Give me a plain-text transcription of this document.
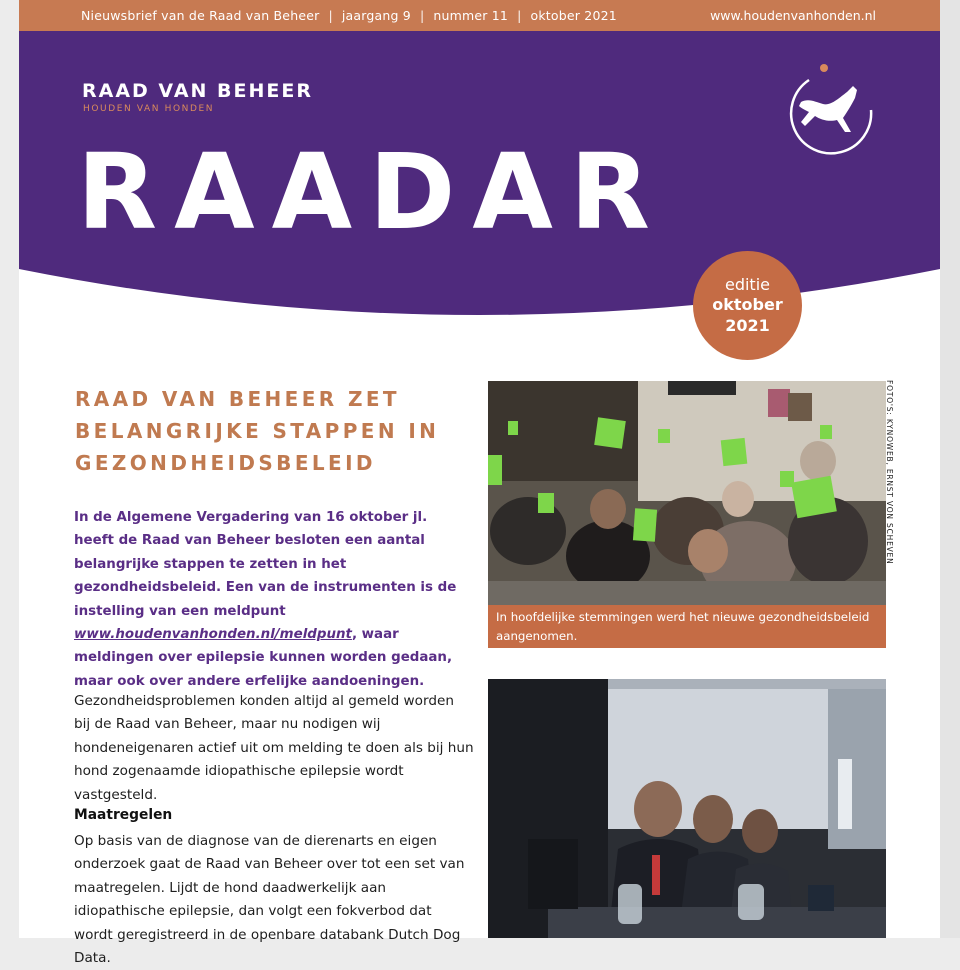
Nieuwsbrief van de Raad van Beheer | jaargang 9 | nummer 11 | oktober 2021	www.houdenvanhonden.nl
RAAD VAN BEHEER
HOUDEN VAN HONDEN
RAADAR
editie
oktober
2021
RAAD VAN BEHEER ZET
BELANGRIJKE STAPPEN IN
GEZONDHEIDSBELEID
In de Algemene Vergadering van 16 oktober jl. heeft de Raad van Beheer besloten een aantal belangrijke stappen te zetten in het gezondheidsbeleid. Een van de instrumenten is de instelling van een meldpunt www.houdenvanhonden.nl/meldpunt, waar meldingen over epilepsie kunnen worden gedaan, maar ook over andere erfelijke aandoeningen.
Gezondheidsproblemen konden altijd al gemeld worden bij de Raad van Beheer, maar nu nodigen wij hondeneigenaren actief uit om melding te doen als bij hun hond zogenaamde idiopathische epilepsie wordt vastgesteld.
Maatregelen
Op basis van de diagnose van de dierenarts en eigen onderzoek gaat de Raad van Beheer over tot een set van maatregelen. Lijdt de hond daadwerkelijk aan idiopathische epilepsie, dan volgt een fokverbod dat wordt geregistreerd in de openbare databank Dutch Dog Data.
In hoofdelijke stemmingen werd het nieuwe gezondheidsbeleid aangenomen.
FOTO'S: KYNOWEB, ERNST VON SCHEVEN
